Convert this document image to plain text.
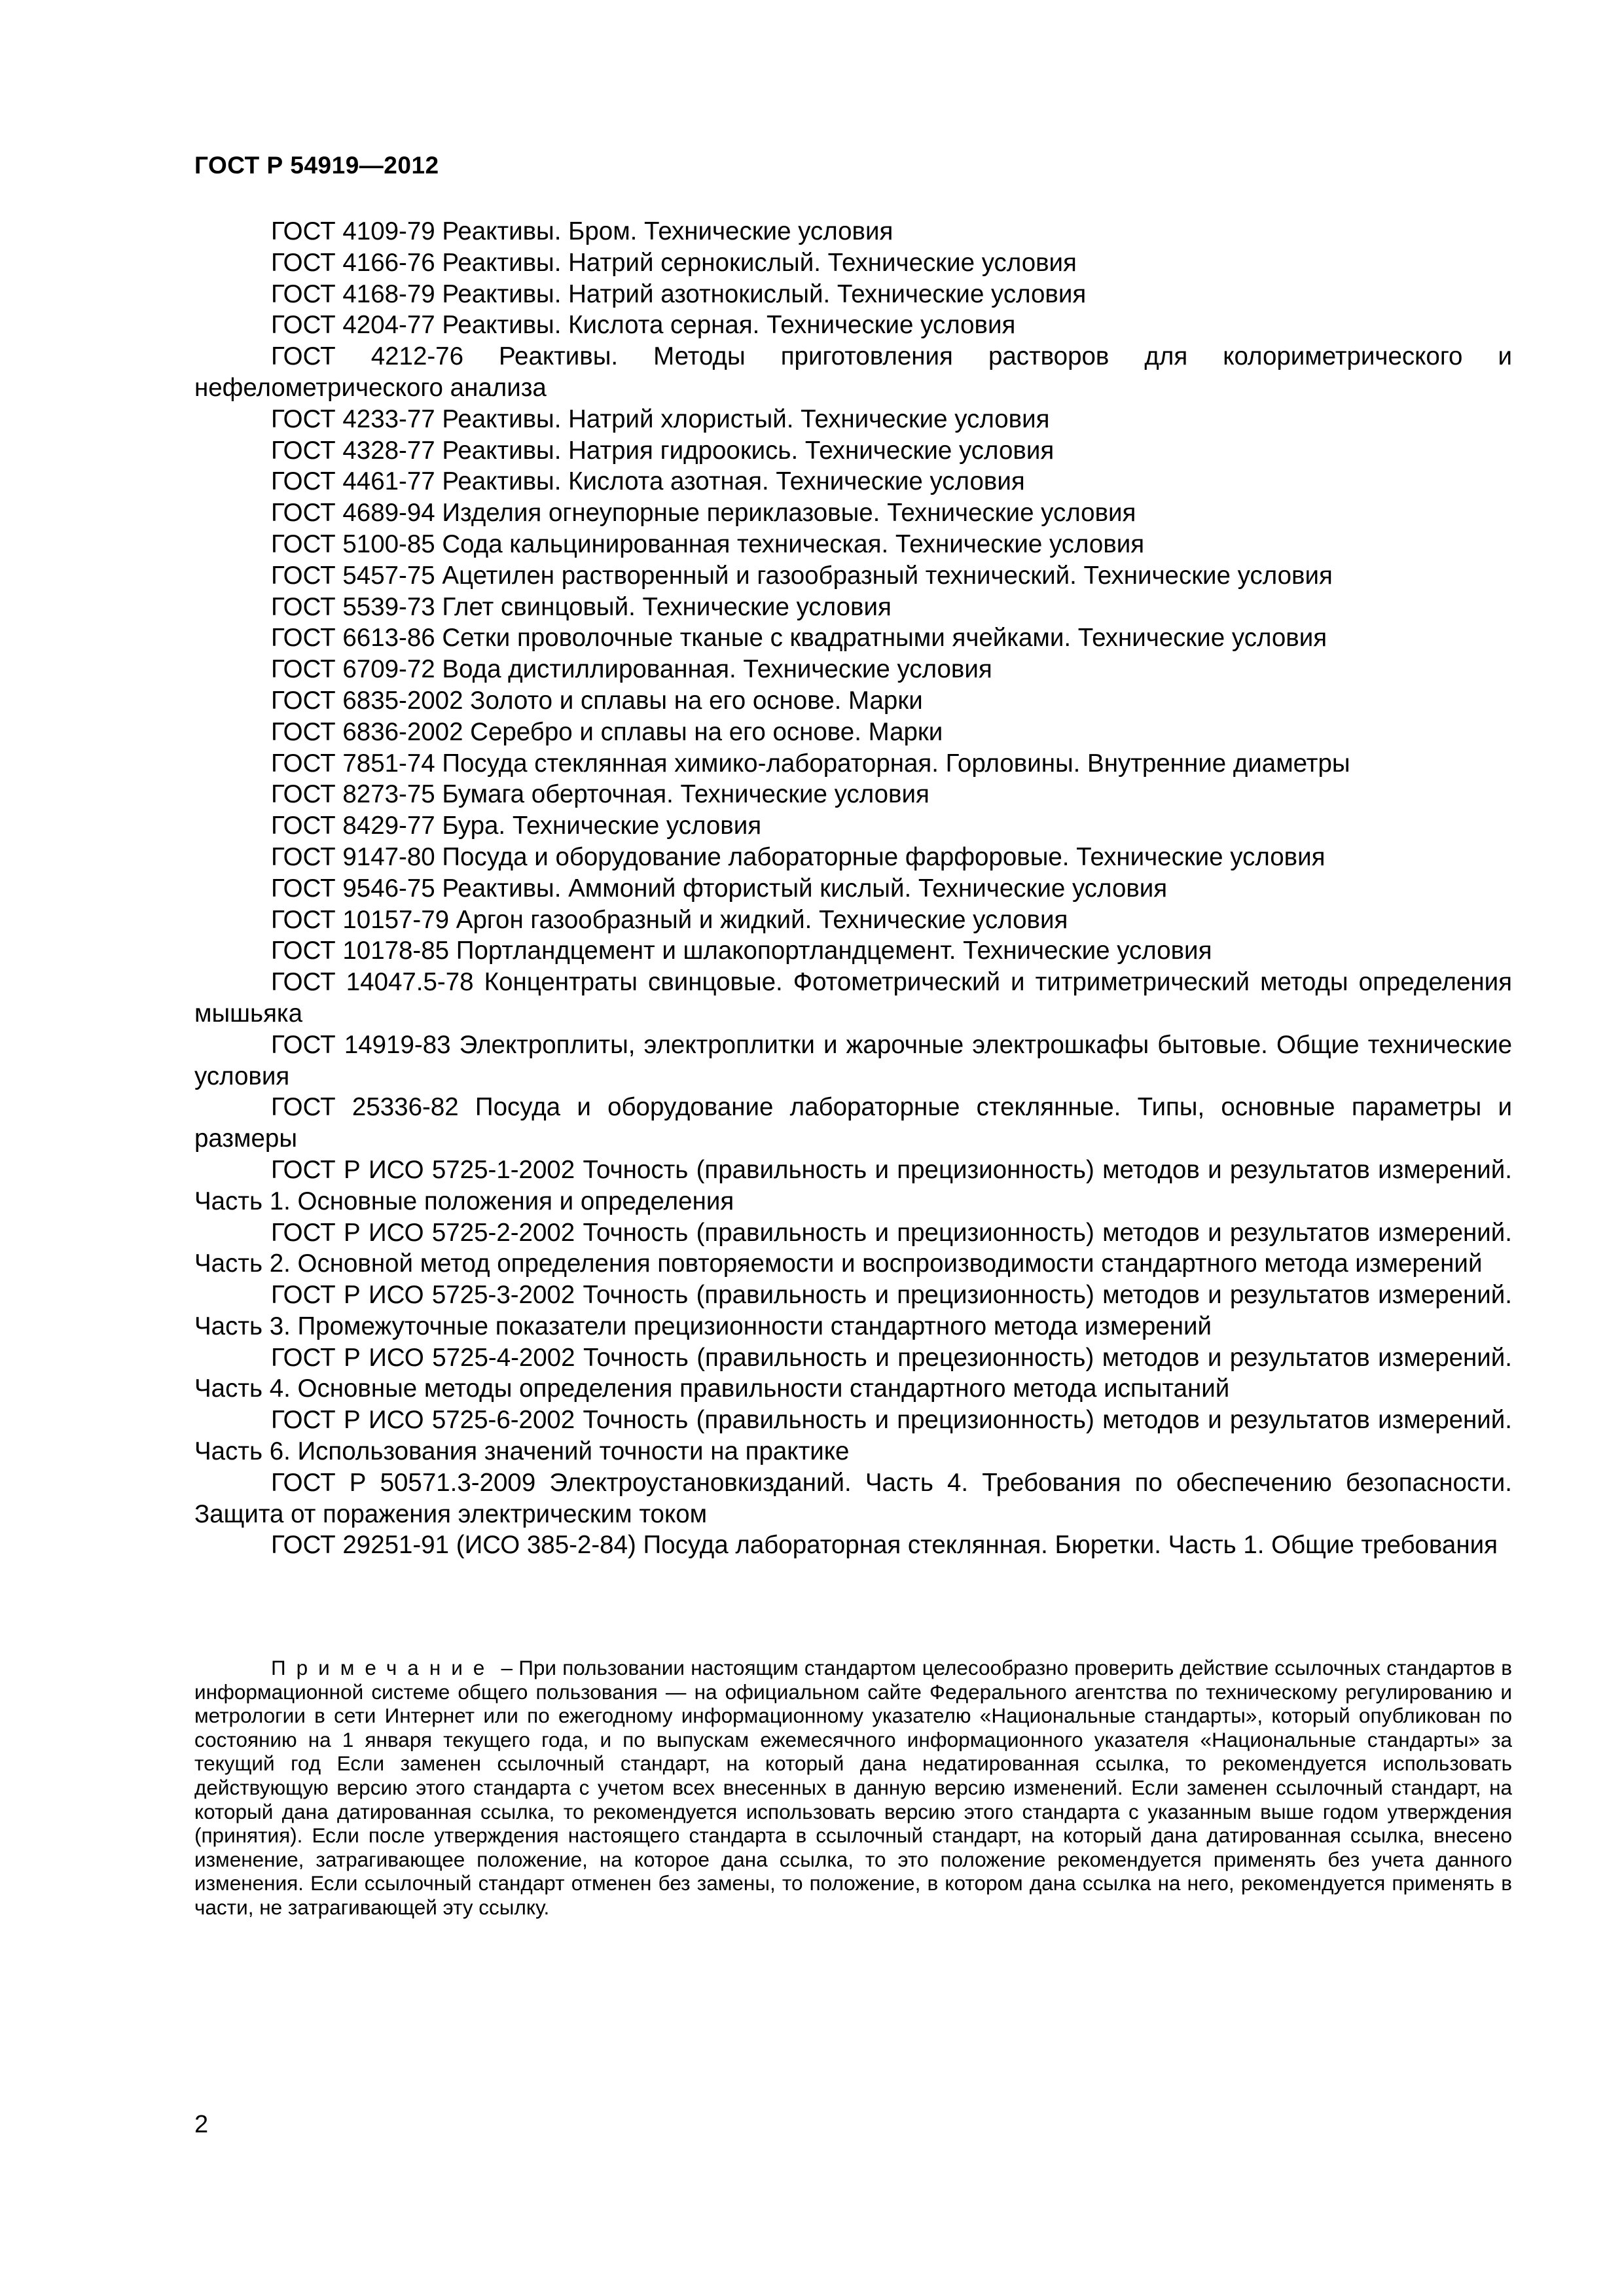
ГОСТ Р 54919—2012
ГОСТ 4109-79 Реактивы. Бром. Технические условия
ГОСТ 4166-76 Реактивы. Натрий сернокислый. Технические условия
ГОСТ 4168-79 Реактивы. Натрий азотнокислый. Технические условия
ГОСТ 4204-77 Реактивы. Кислота серная. Технические условия
ГОСТ 4212-76 Реактивы. Методы приготовления растворов для колориметрического и нефелометрического анализа
ГОСТ 4233-77 Реактивы. Натрий хлористый. Технические условия
ГОСТ 4328-77 Реактивы. Натрия гидроокись. Технические условия
ГОСТ 4461-77 Реактивы. Кислота азотная. Технические условия
ГОСТ 4689-94 Изделия огнеупорные периклазовые. Технические условия
ГОСТ 5100-85 Сода кальцинированная техническая. Технические условия
ГОСТ 5457-75 Ацетилен растворенный и газообразный технический. Технические условия
ГОСТ 5539-73 Глет свинцовый. Технические условия
ГОСТ 6613-86 Сетки проволочные тканые с квадратными ячейками. Технические условия
ГОСТ 6709-72 Вода дистиллированная. Технические условия
ГОСТ 6835-2002 Золото и сплавы на его основе. Марки
ГОСТ 6836-2002 Серебро и сплавы на его основе. Марки
ГОСТ 7851-74 Посуда стеклянная химико-лабораторная. Горловины. Внутренние диаметры
ГОСТ 8273-75 Бумага оберточная. Технические условия
ГОСТ 8429-77 Бура. Технические условия
ГОСТ 9147-80 Посуда и оборудование лабораторные фарфоровые. Технические условия
ГОСТ 9546-75 Реактивы. Аммоний фтористый кислый. Технические условия
ГОСТ 10157-79 Аргон газообразный и жидкий. Технические условия
ГОСТ 10178-85 Портландцемент и шлакопортландцемент. Технические условия
ГОСТ 14047.5-78 Концентраты свинцовые. Фотометрический и титриметрический методы определения мышьяка
ГОСТ 14919-83 Электроплиты, электроплитки и жарочные электрошкафы бытовые. Общие технические условия
ГОСТ 25336-82 Посуда и оборудование лабораторные стеклянные. Типы, основные параметры и размеры
ГОСТ Р ИСО 5725-1-2002 Точность (правильность и прецизионность) методов и результатов измерений. Часть 1. Основные положения и определения
ГОСТ Р ИСО 5725-2-2002 Точность (правильность и прецизионность) методов и результатов измерений. Часть 2. Основной метод определения повторяемости и воспроизводимости стандартного метода измерений
ГОСТ Р ИСО 5725-3-2002 Точность (правильность и прецизионность) методов и результатов измерений. Часть 3. Промежуточные показатели прецизионности стандартного метода измерений
ГОСТ Р ИСО 5725-4-2002 Точность (правильность и прецезионность) методов и результатов измерений. Часть 4. Основные методы определения правильности стандартного метода испытаний
ГОСТ Р ИСО 5725-6-2002 Точность (правильность и прецизионность) методов и результатов измерений. Часть 6. Использования значений точности на практике
ГОСТ Р 50571.3-2009 Электроустановкизданий. Часть 4. Требования по обеспечению безопасности. Защита от поражения электрическим током
ГОСТ 29251-91 (ИСО 385-2-84) Посуда лабораторная стеклянная. Бюретки. Часть 1. Общие требования

Примечание – При пользовании настоящим стандартом целесообразно проверить действие ссылочных стандартов в информационной системе общего пользования — на официальном сайте Федерального агентства по техническому регулированию и метрологии в сети Интернет или по ежегодному информационному указателю «Национальные стандарты», который опубликован по состоянию на 1 января текущего года, и по выпускам ежемесячного информационного указателя «Национальные стандарты» за текущий год Если заменен ссылочный стандарт, на который дана недатированная ссылка, то рекомендуется использовать действующую версию этого стандарта с учетом всех внесенных в данную версию изменений. Если заменен ссылочный стандарт, на который дана датированная ссылка, то рекомендуется использовать версию этого стандарта с указанным выше годом утверждения (принятия). Если после утверждения настоящего стандарта в ссылочный стандарт, на который дана датированная ссылка, внесено изменение, затрагивающее положение, на которое дана ссылка, то это положение рекомендуется применять без учета данного изменения. Если ссылочный стандарт отменен без замены, то положение, в котором дана ссылка на него, рекомендуется применять в части, не затрагивающей эту ссылку.

2
